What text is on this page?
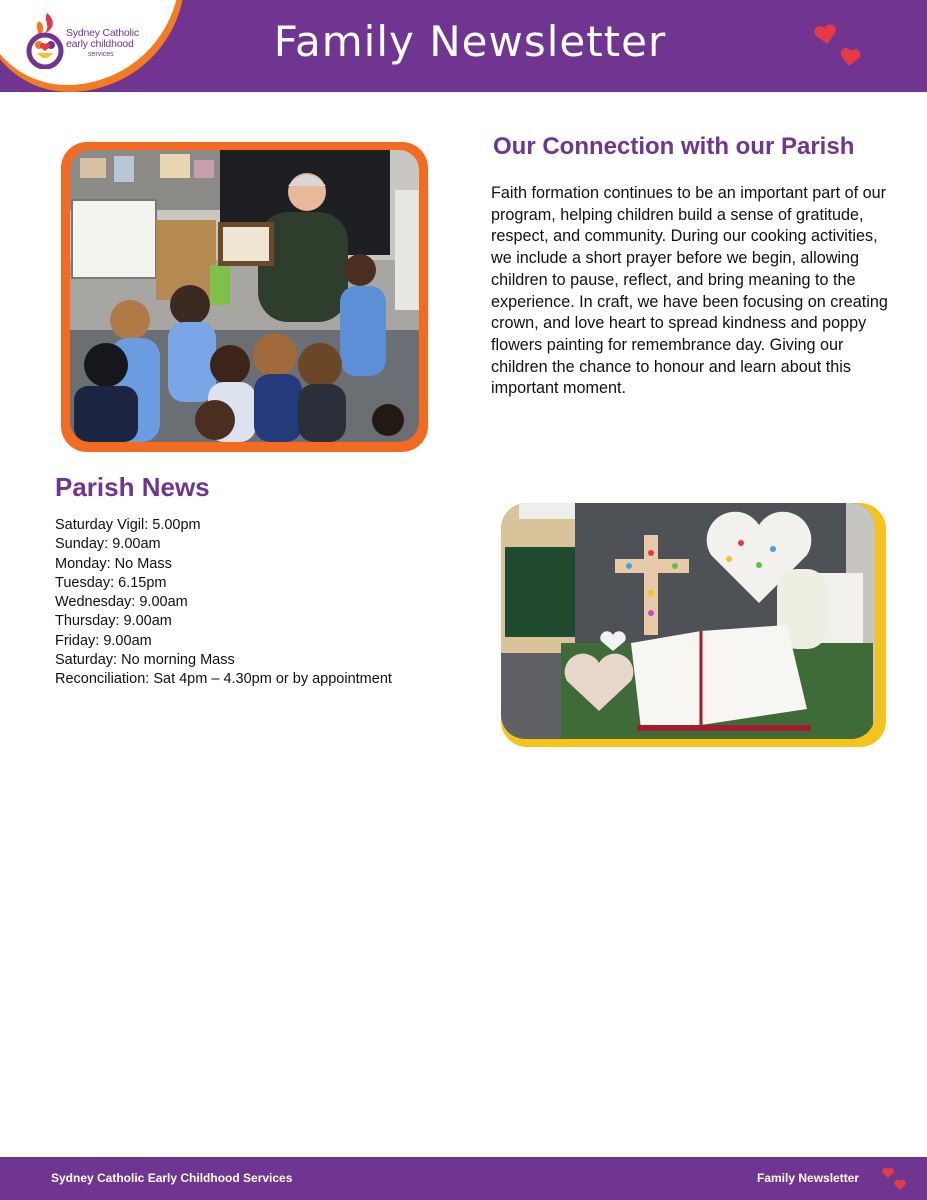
Sydney Catholic
early childhood
services	Family Newsletter
Our Connection with our Parish

Faith formation continues to be an important part of our program, helping children build a sense of gratitude, respect, and community. During our cooking activities, we include a short prayer before we begin, allowing children to pause, reflect, and bring meaning to the experience. In craft, we have been focusing on creating crown, and love heart to spread kindness and poppy flowers painting for remembrance day. Giving our children the chance to honour and learn about this important moment.

Parish News
Saturday Vigil: 5.00pm
Sunday: 9.00am
Monday: No Mass
Tuesday: 6.15pm
Wednesday: 9.00am
Thursday: 9.00am
Friday: 9.00am
Saturday: No morning Mass
Reconciliation: Sat 4pm – 4.30pm or by appointment
Sydney Catholic Early Childhood Services	Family Newsletter
